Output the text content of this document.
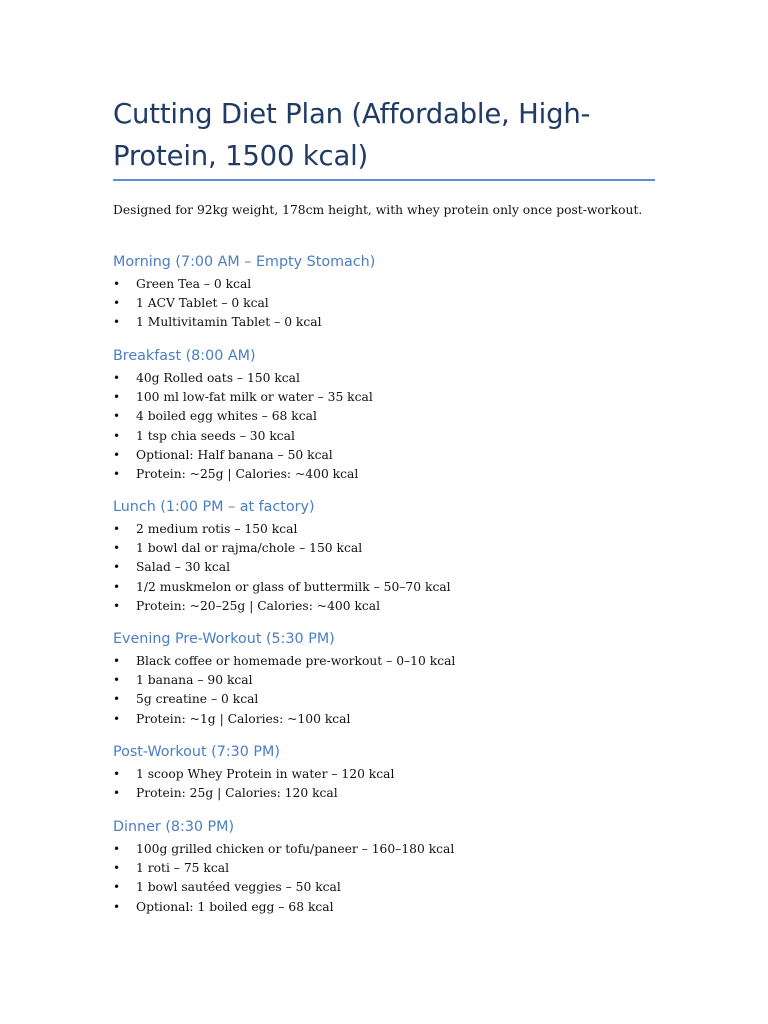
Cutting Diet Plan (Affordable, High-Protein, 1500 kcal)

Designed for 92kg weight, 178cm height, with whey protein only once post-workout.

Morning (7:00 AM – Empty Stomach)
• Green Tea – 0 kcal
• 1 ACV Tablet – 0 kcal
• 1 Multivitamin Tablet – 0 kcal
Breakfast (8:00 AM)
• 40g Rolled oats – 150 kcal
• 100 ml low-fat milk or water – 35 kcal
• 4 boiled egg whites – 68 kcal
• 1 tsp chia seeds – 30 kcal
• Optional: Half banana – 50 kcal
• Protein: ~25g | Calories: ~400 kcal
Lunch (1:00 PM – at factory)
• 2 medium rotis – 150 kcal
• 1 bowl dal or rajma/chole – 150 kcal
• Salad – 30 kcal
• 1/2 muskmelon or glass of buttermilk – 50–70 kcal
• Protein: ~20–25g | Calories: ~400 kcal
Evening Pre-Workout (5:30 PM)
• Black coffee or homemade pre-workout – 0–10 kcal
• 1 banana – 90 kcal
• 5g creatine – 0 kcal
• Protein: ~1g | Calories: ~100 kcal
Post-Workout (7:30 PM)
• 1 scoop Whey Protein in water – 120 kcal
• Protein: 25g | Calories: 120 kcal
Dinner (8:30 PM)
• 100g grilled chicken or tofu/paneer – 160–180 kcal
• 1 roti – 75 kcal
• 1 bowl sautéed veggies – 50 kcal
• Optional: 1 boiled egg – 68 kcal
